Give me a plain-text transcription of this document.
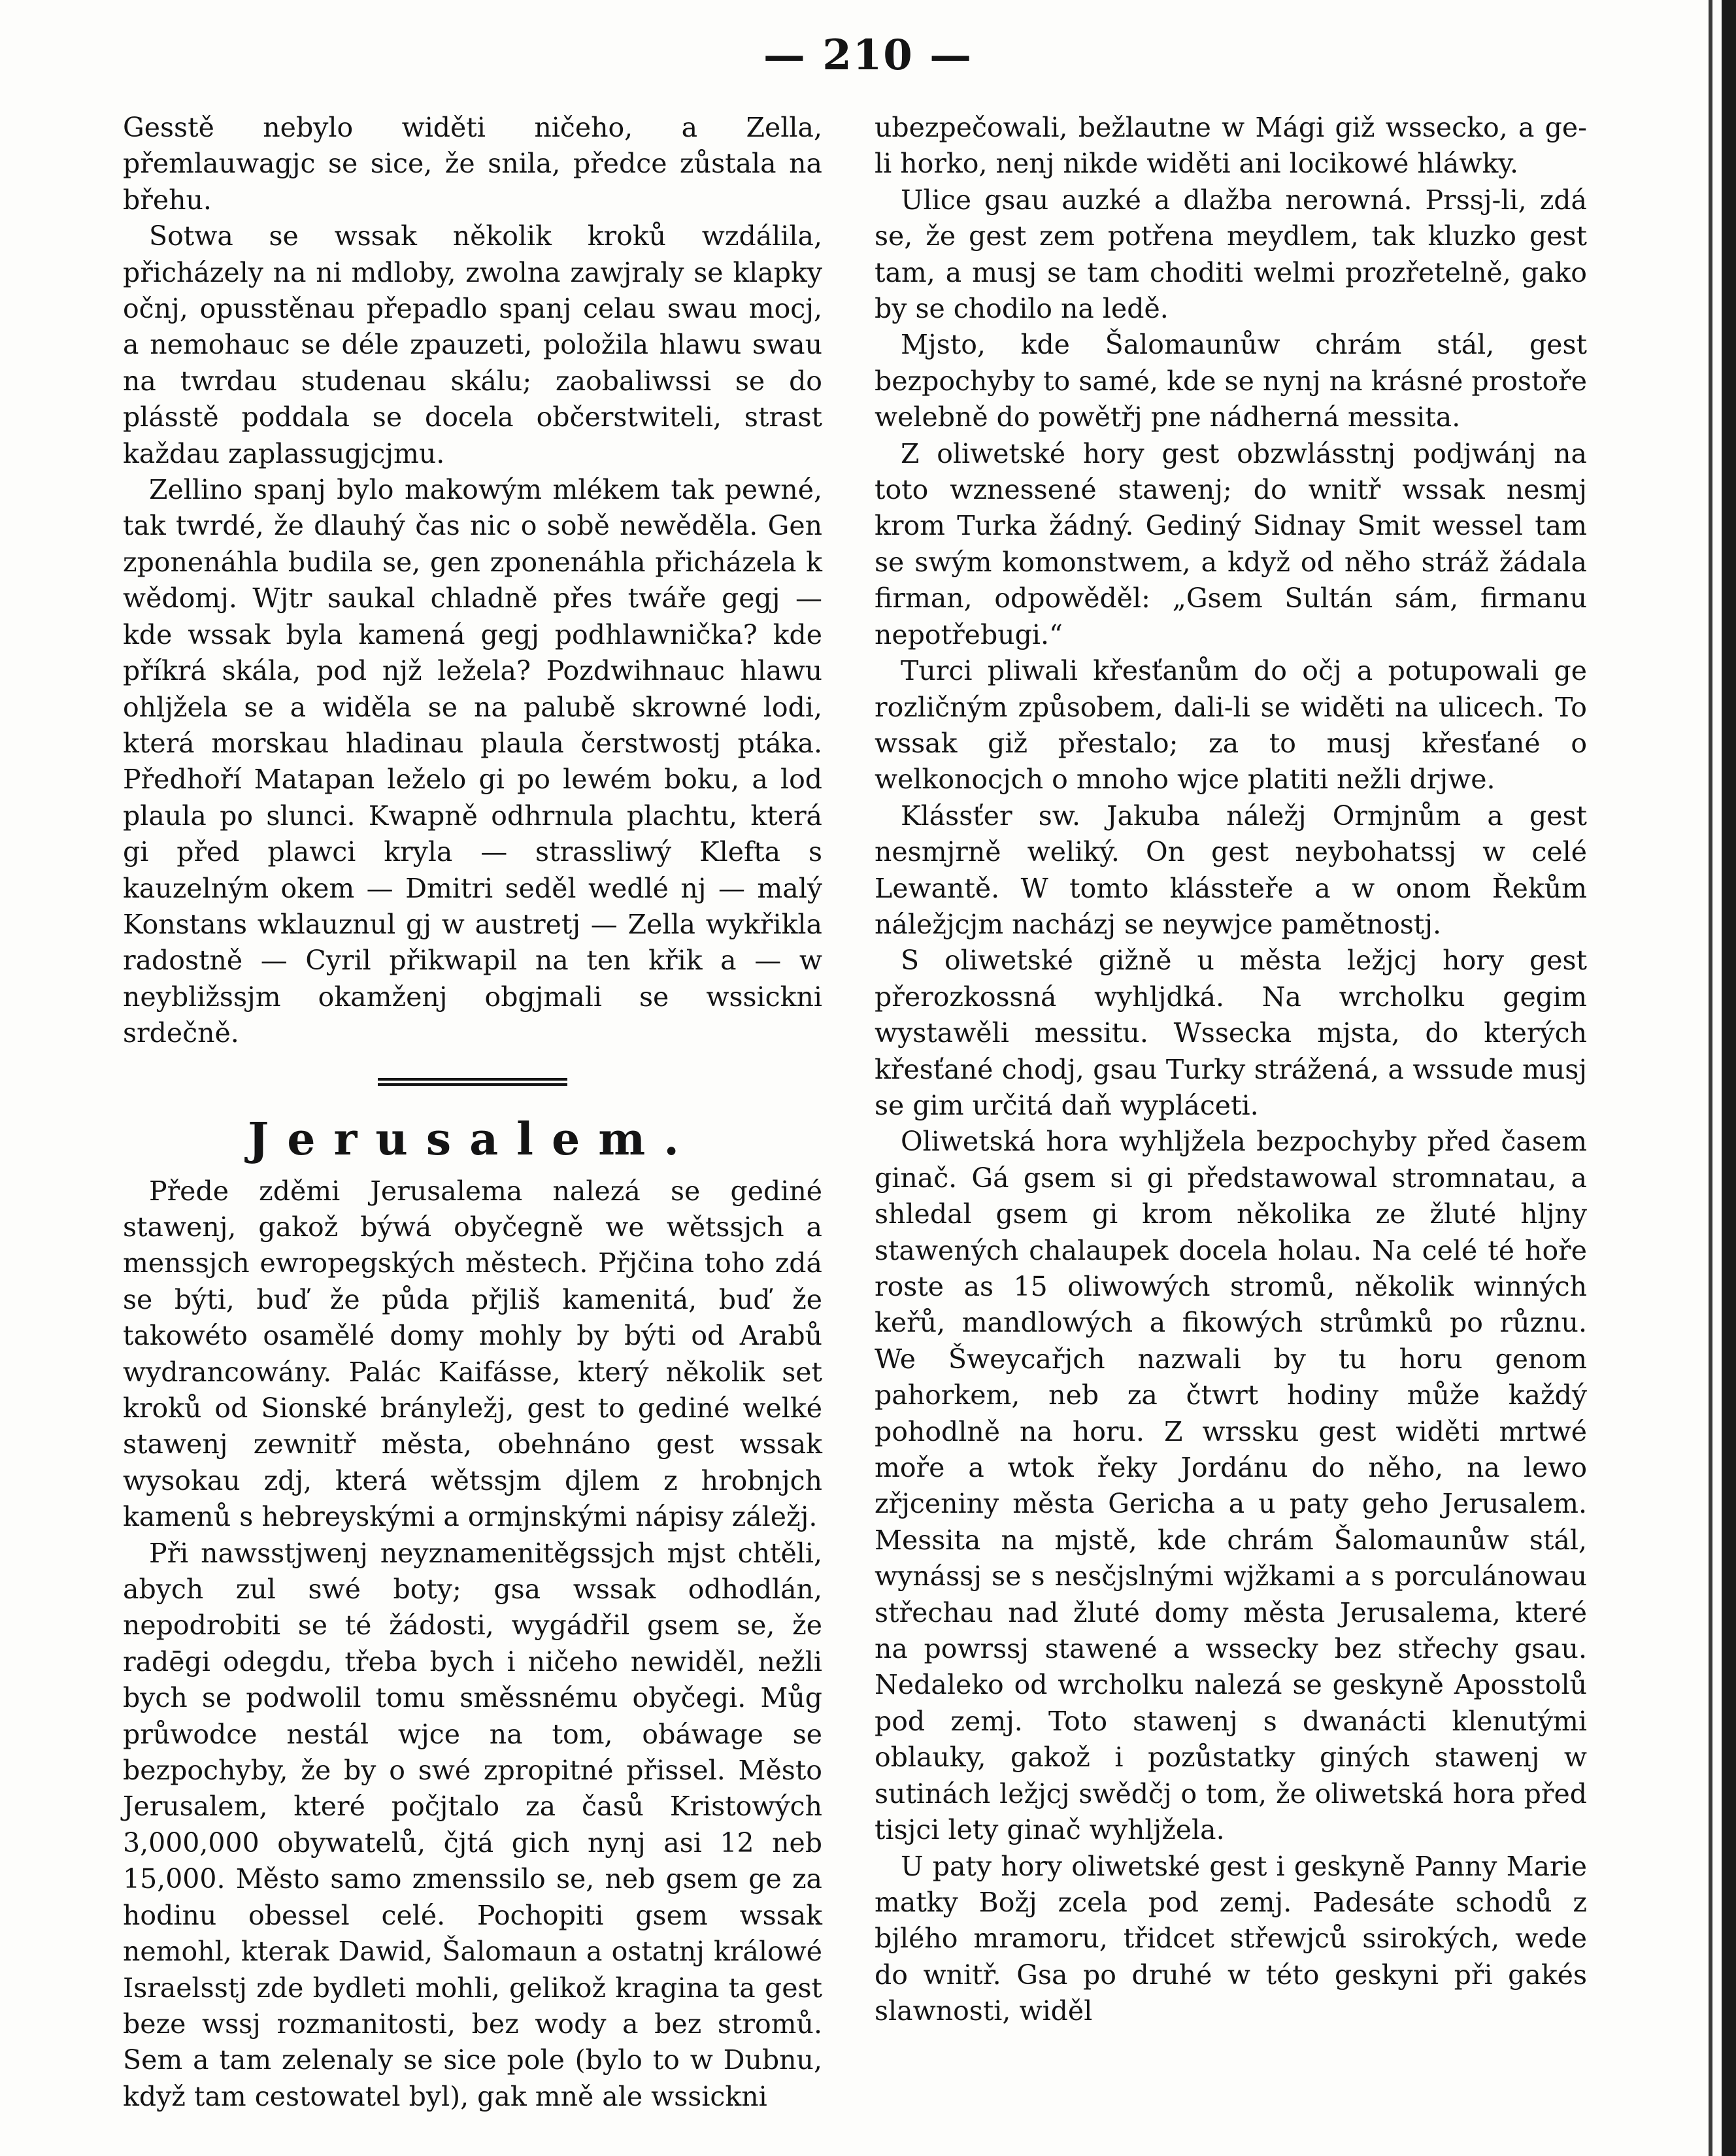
— 210 —

Gesstě nebylo widěti ničeho, a Zella, přemlauwagjc se sice, že snila, předce zůstala na břehu.

Sotwa se wssak několik kroků wzdálila, přicházely na ni mdloby, zwolna zawjraly se klapky očnj, opusstěnau přepadlo spanj celau swau mocj, a nemohauc se déle zpauzeti, položila hlawu swau na twrdau studenau skálu; zaobaliwssi se do plásstě poddala se docela občerstwiteli, strast každau zaplassugjcjmu.

Zellino spanj bylo makowým mlékem tak pewné, tak twrdé, že dlauhý čas nic o sobě newěděla. Gen zponenáhla budila se, gen zponenáhla přicházela k wědomj. Wjtr saukal chladně přes twáře gegj — kde wssak byla kamená gegj podhlawnička? kde příkrá skála, pod njž ležela? Pozdwihnauc hlawu ohljžela se a widěla se na palubě skrowné lodi, která morskau hladinau plaula čerstwostj ptáka. Předhoří Matapan leželo gi po lewém boku, a lod plaula po slunci. Kwapně odhrnula plachtu, která gi před plawci kryla — strassliwý Klefta s kauzelným okem — Dmitri seděl wedlé nj — malý Konstans wklauznul gj w austretj — Zella wykřikla radostně — Cyril přikwapil na ten křik a — w neybližssjm okamženj obgjmali se wssickni srdečně.

Jerusalem.

Přede zděmi Jerusalema nalezá se gediné stawenj, gakož býwá obyčegně we wětssjch a menssjch ewropegských městech. Přjčina toho zdá se býti, buď že půda přjliš kamenitá, buď že takowéto osamělé domy mohly by býti od Arabů wydrancowány. Palác Kaifásse, který několik set kroků od Sionské brányležj, gest to gediné welké stawenj zewnitř města, obehnáno gest wssak wysokau zdj, která wětssjm djlem z hrobnjch kamenů s hebreyskými a ormjnskými nápisy záležj.

Při nawsstjwenj neyznamenitěgssjch mjst chtěli, abych zul swé boty; gsa wssak odhodlán, nepodrobiti se té žádosti, wygádřil gsem se, že radēgi odegdu, třeba bych i ničeho newiděl, nežli bych se podwolil tomu směssnému obyčegi. Můg průwodce nestál wjce na tom, obáwage se bezpochyby, že by o swé zpropitné přissel. Město Jerusalem, které počjtalo za časů Kristowých 3,000,000 obywatelů, čjtá gich nynj asi 12 neb 15,000. Město samo zmenssilo se, neb gsem ge za hodinu obessel celé. Pochopiti gsem wssak nemohl, kterak Dawid, Šalomaun a ostatnj králowé Israelsstj zde bydleti mohli, gelikož kragina ta gest beze wssj rozmanitosti, bez wody a bez stromů. Sem a tam zelenaly se sice pole (bylo to w Dubnu, když tam cestowatel byl), gak mně ale wssickni

ubezpečowali, bežlautne w Mági giž wssecko, a ge-li horko, nenj nikde widěti ani locikowé hláwky.

Ulice gsau auzké a dlažba nerowná. Prssj-li, zdá se, že gest zem potřena meydlem, tak kluzko gest tam, a musj se tam choditi welmi prozřetelně, gako by se chodilo na ledě.

Mjsto, kde Šalomaunůw chrám stál, gest bezpochyby to samé, kde se nynj na krásné prostoře welebně do powětřj pne nádherná messita.

Z oliwetské hory gest obzwlásstnj podjwánj na toto wznessené stawenj; do wnitř wssak nesmj krom Turka žádný. Gediný Sidnay Smit wessel tam se swým komonstwem, a když od něho stráž žádala firman, odpowěděl: „Gsem Sultán sám, firmanu nepotřebugi.“

Turci pliwali křesťanům do očj a potupowali ge rozličným způsobem, dali-li se widěti na ulicech. To wssak giž přestalo; za to musj křesťané o welkonocjch o mnoho wjce platiti nežli drjwe.

Klássťer sw. Jakuba náležj Ormjnům a gest nesmjrně weliký. On gest neybohatssj w celé Lewantě. W tomto klássteře a w onom Řekům náležjcjm nacházj se neywjce pamětnostj.

S oliwetské gižně u města ležjcj hory gest přerozkossná wyhljdká. Na wrcholku gegim wystawěli messitu. Wssecka mjsta, do kterých křesťané chodj, gsau Turky strážená, a wssude musj se gim určitá daň wypláceti.

Oliwetská hora wyhljžela bezpochyby před časem ginač. Gá gsem si gi předstawowal stromnatau, a shledal gsem gi krom několika ze žluté hljny stawených chalaupek docela holau. Na celé té hoře roste as 15 oliwowých stromů, několik winných keřů, mandlowých a fikowých strůmků po různu. We Šweycařjch nazwali by tu horu genom pahorkem, neb za čtwrt hodiny může každý pohodlně na horu. Z wrssku gest widěti mrtwé moře a wtok řeky Jordánu do něho, na lewo zřjceniny města Gericha a u paty geho Jerusalem. Messita na mjstě, kde chrám Šalomaunůw stál, wynássj se s nesčjslnými wjžkami a s porculánowau střechau nad žluté domy města Jerusalema, které na powrssj stawené a wssecky bez střechy gsau. Nedaleko od wrcholku nalezá se geskyně Aposstolů pod zemj. Toto stawenj s dwanácti klenutými oblauky, gakož i pozůstatky giných stawenj w sutinách ležjcj swědčj o tom, že oliwetská hora před tisjci lety ginač wyhljžela.

U paty hory oliwetské gest i geskyně Panny Marie matky Božj zcela pod zemj. Padesáte schodů z bjlého mramoru, třidcet střewjců ssirokých, wede do wnitř. Gsa po druhé w této geskyni při gakés slawnosti, widěl
